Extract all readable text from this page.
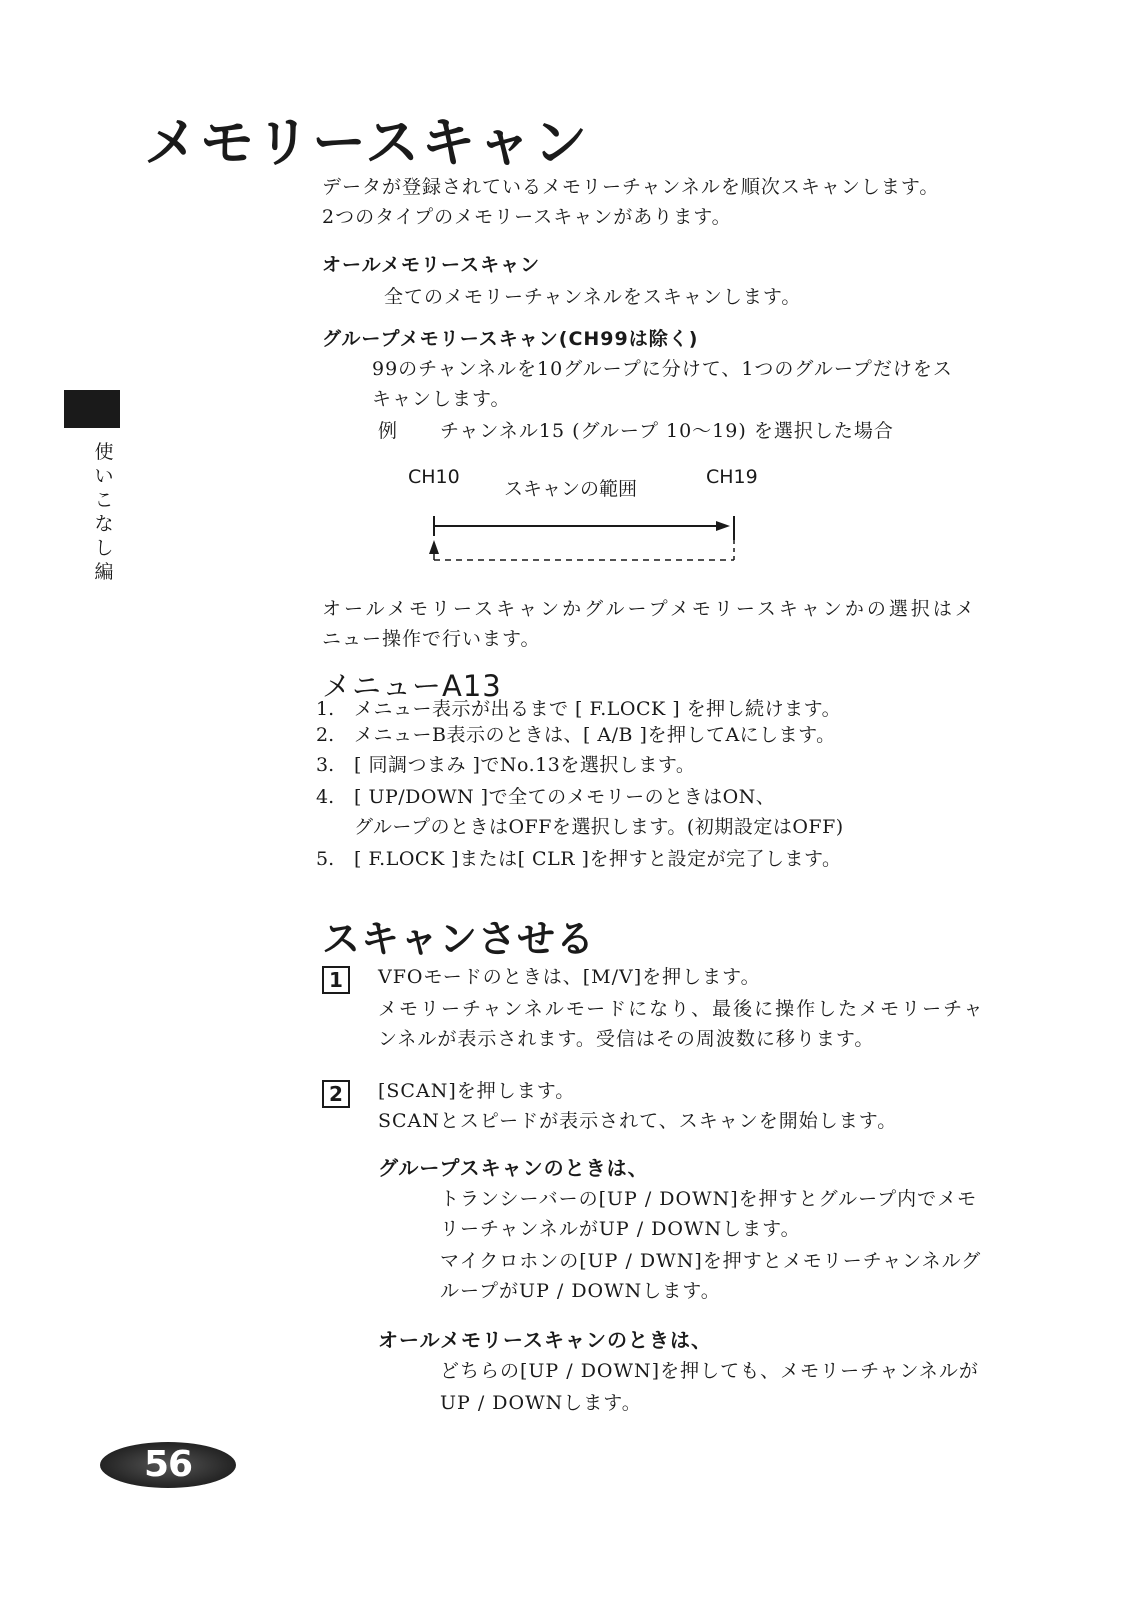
メモリースキャン
データが登録されているメモリーチャンネルを順次スキャンします。
2つのタイプのメモリースキャンがあります。
オールメモリースキャン
全てのメモリーチャンネルをスキャンします。
グループメモリースキャン(CH99は除く)
99のチャンネルを10グループに分けて、1つのグループだけをス
キャンします。
例 チャンネル15 (グループ 10〜19) を選択した場合
使いこなし編
CH10
スキャンの範囲
CH19
オールメモリースキャンかグループメモリースキャンかの選択はメ
ニュー操作で行います。
メニューA13
1.	メニュー表示が出るまで [ F.LOCK ] を押し続けます。
2.	メニューB表示のときは、[ A/B ]を押してAにします。
3.	[ 同調つまみ ]でNo.13を選択します。
4.	[ UP/DOWN ]で全てのメモリーのときはON、
グループのときはOFFを選択します。(初期設定はOFF)
5.	[ F.LOCK ]または[ CLR ]を押すと設定が完了します。
スキャンさせる
1	VFOモードのときは、[M/V]を押します。
メモリーチャンネルモードになり、最後に操作したメモリーチャ
ンネルが表示されます。受信はその周波数に移ります。
2	[SCAN]を押します。
SCANとスピードが表示されて、スキャンを開始します。
グループスキャンのときは、
トランシーバーの[UP / DOWN]を押すとグループ内でメモ
リーチャンネルがUP / DOWNします。
マイクロホンの[UP / DWN]を押すとメモリーチャンネルグ
ループがUP / DOWNします。
オールメモリースキャンのときは、
どちらの[UP / DOWN]を押しても、メモリーチャンネルが
UP / DOWNします。
56
